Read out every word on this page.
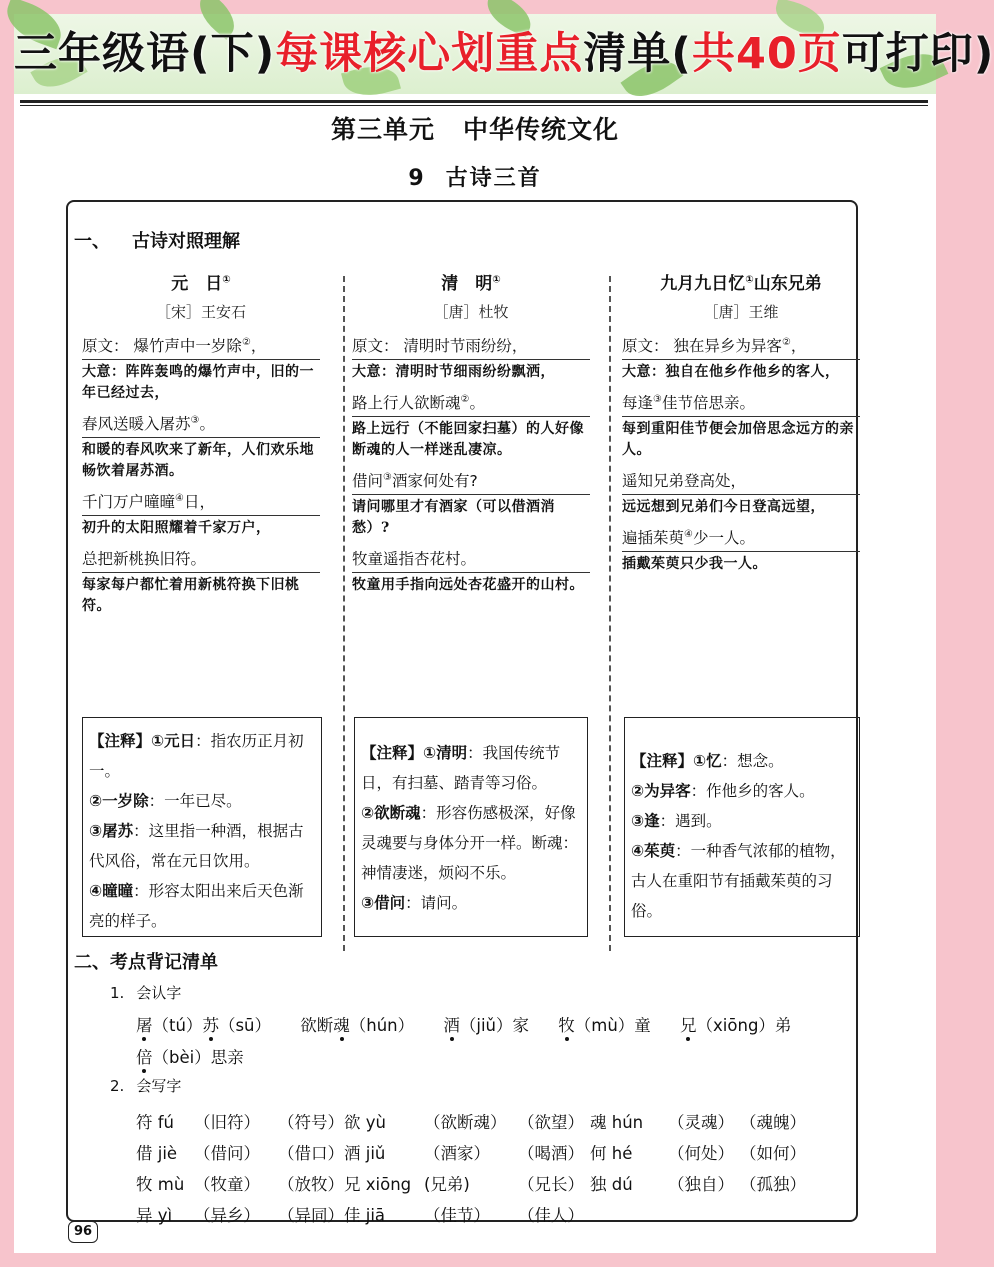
三年级语(下)每课核心划重点清单(共40页可打印)
第三单元 中华传统文化
9 古诗三首
一、 古诗对照理解
元　日①
［宋］王安石
原文： 爆竹声中一岁除②，
大意：阵阵轰鸣的爆竹声中，旧的一年已经过去，
春风送暖入屠苏③。
和暖的春风吹来了新年，人们欢乐地畅饮着屠苏酒。
千门万户曈曈④日，
初升的太阳照耀着千家万户，
总把新桃换旧符。
每家每户都忙着用新桃符换下旧桃符。
清　明①
［唐］杜牧
原文： 清明时节雨纷纷，
大意：清明时节细雨纷纷飘洒，
路上行人欲断魂②。
路上远行（不能回家扫墓）的人好像断魂的人一样迷乱凄凉。
借问③酒家何处有?
请问哪里才有酒家（可以借酒消愁）?
牧童遥指杏花村。
牧童用手指向远处杏花盛开的山村。
九月九日忆①山东兄弟
［唐］王维
原文： 独在异乡为异客②，
大意：独自在他乡作他乡的客人，
每逢③佳节倍思亲。
每到重阳佳节便会加倍思念远方的亲人。
遥知兄弟登高处，
远远想到兄弟们今日登高远望，
遍插茱萸④少一人。
插戴茱萸只少我一人。
【注释】①元日：指农历正月初一。
②一岁除：一年已尽。
③屠苏：这里指一种酒，根据古代风俗，常在元日饮用。
④曈曈：形容太阳出来后天色渐亮的样子。
【注释】①清明：我国传统节日，有扫墓、踏青等习俗。
②欲断魂：形容伤感极深，好像灵魂要与身体分开一样。断魂：神情凄迷，烦闷不乐。
③借问：请问。
【注释】①忆：想念。
②为异客：作他乡的客人。
③逢：遇到。
④茱萸：一种香气浓郁的植物，古人在重阳节有插戴茱萸的习俗。
二、考点背记清单
1. 会认字
屠（tú）苏（sū） 欲断魂（hún） 酒（jiǔ）家 牧（mù）童 兄（xiōng）弟
倍（bèi）思亲
2. 会写字
符 fú	（旧符）	（符号）	欲 yù	（欲断魂）	（欲望）	魂 hún	（灵魂）	（魂魄）
借 jiè	（借问）	（借口）	酒 jiǔ	（酒家）	（喝酒）	何 hé	（何处）	（如何）
牧 mù	（牧童）	（放牧）	兄 xiōng	(兄弟)	（兄长）	独 dú	（独自）	（孤独）
异 yì	（异乡）	（异同）	佳 jiā	（佳节）	（佳人）			
96
